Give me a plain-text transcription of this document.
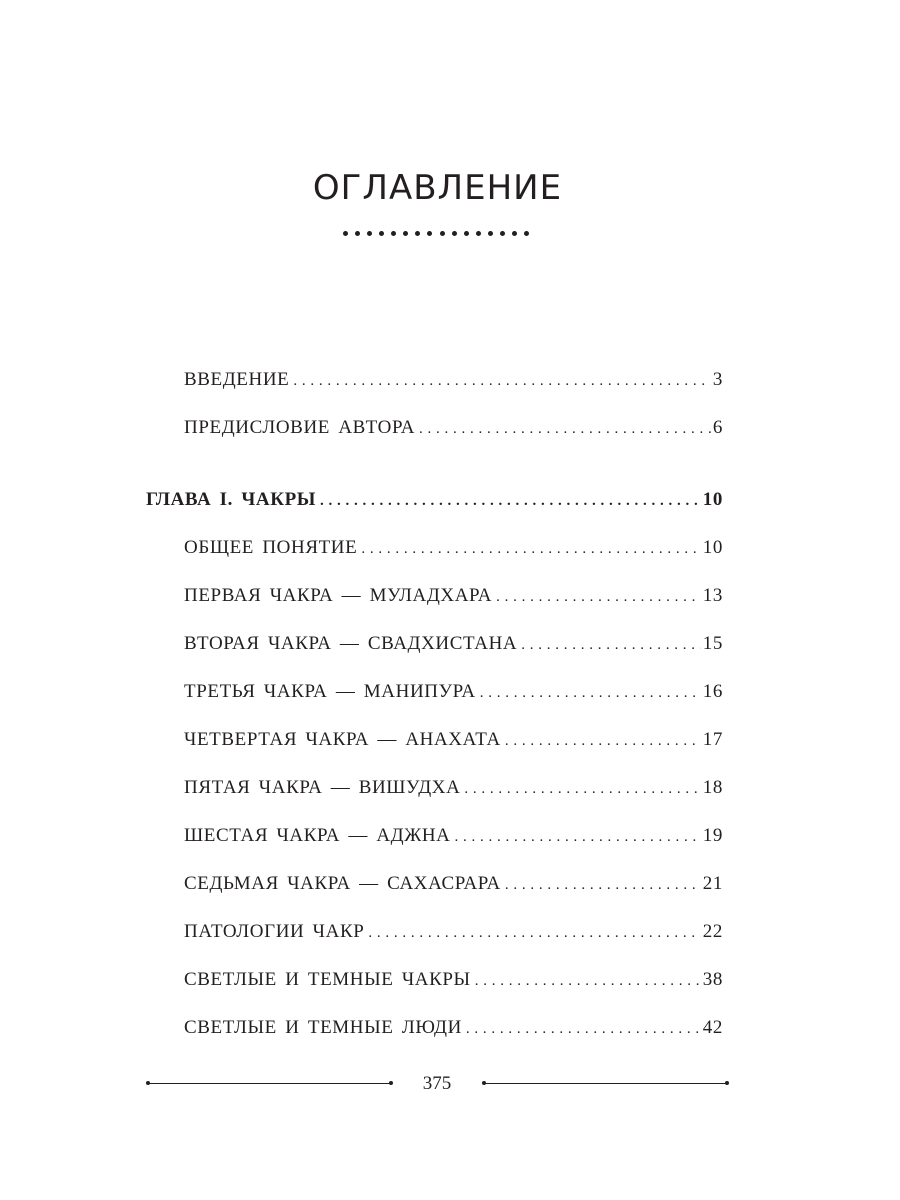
ОГЛАВЛЕНИЕ
ВВЕДЕНИЕ . . .	3
ПРЕДИСЛОВИЕ АВТОРА . . .	6
ГЛАВА I. ЧАКРЫ . . .	10
ОБЩЕЕ ПОНЯТИЕ . . .	10
ПЕРВАЯ ЧАКРА — МУЛАДХАРА . . .	13
ВТОРАЯ ЧАКРА — СВАДХИСТАНА . . .	15
ТРЕТЬЯ ЧАКРА — МАНИПУРА . . .	16
ЧЕТВЕРТАЯ ЧАКРА — АНАХАТА . . .	17
ПЯТАЯ ЧАКРА — ВИШУДХА . . .	18
ШЕСТАЯ ЧАКРА — АДЖНА . . .	19
СЕДЬМАЯ ЧАКРА — САХАСРАРА . . .	21
ПАТОЛОГИИ ЧАКР . . .	22
СВЕТЛЫЕ И ТЕМНЫЕ ЧАКРЫ . . .	38
СВЕТЛЫЕ И ТЕМНЫЕ ЛЮДИ . . .	42
375
